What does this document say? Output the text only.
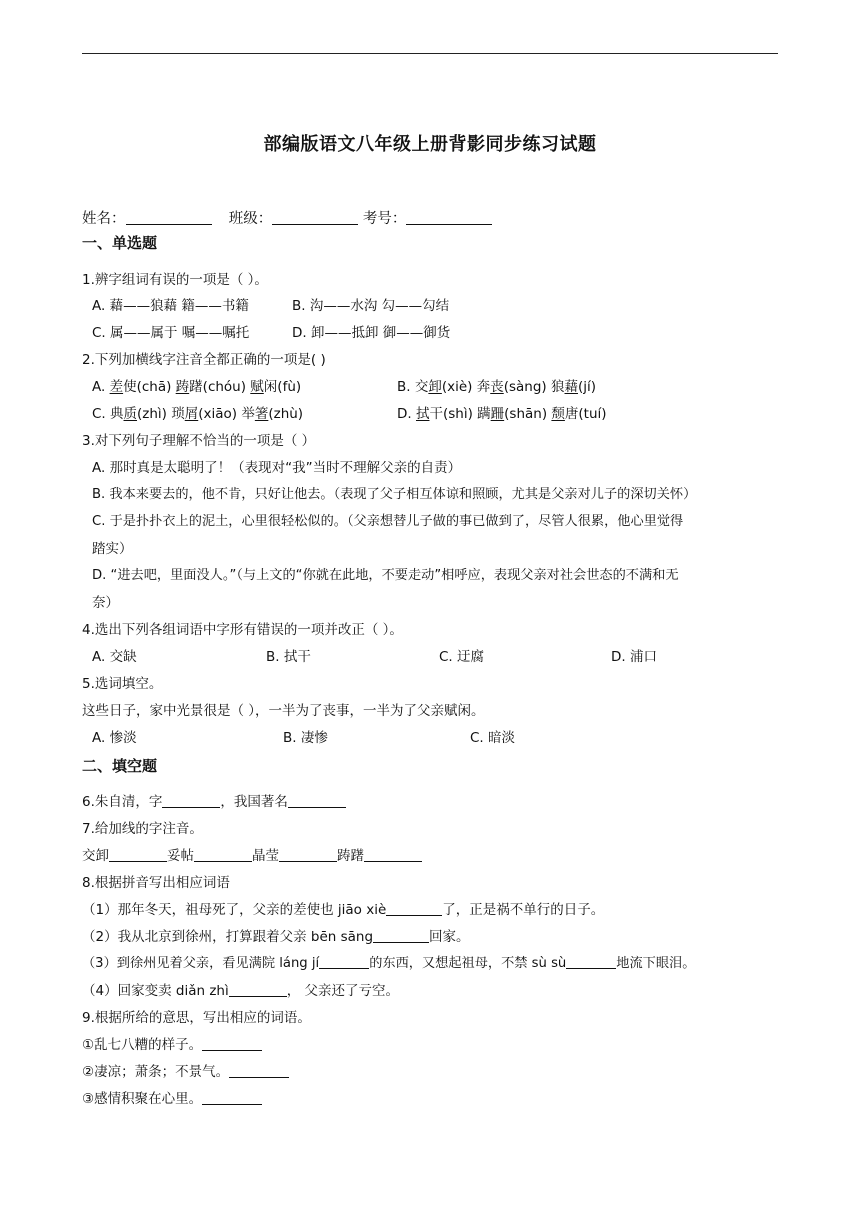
部编版语文八年级上册背影同步练习试题
姓名：	班级：	考号：
一、单选题
1.辨字组词有误的一项是（ ）。
A. 藉——狼藉 籍——书籍	B. 沟——水沟 勾——勾结
C. 属——属于 嘱——嘱托	D. 卸——抵卸 御——御货
2.下列加横线字注音全都正确的一项是( )
A. 差使(chā) 踌躇(chóu) 赋闲(fù)	B. 交卸(xiè) 奔丧(sàng) 狼藉(jí)
C. 典质(zhì) 琐屑(xiāo) 举箸(zhù)	D. 拭干(shì) 蹒跚(shān) 颓唐(tuí)
3.对下列句子理解不恰当的一项是（ ）
A. 那时真是太聪明了！（表现对“我”当时不理解父亲的自责）
B. 我本来要去的，他不肯，只好让他去。（表现了父子相互体谅和照顾，尤其是父亲对儿子的深切关怀）
C. 于是扑扑衣上的泥土，心里很轻松似的。（父亲想替儿子做的事已做到了，尽管人很累，他心里觉得
踏实）
D. “进去吧，里面没人。”（与上文的“你就在此地，不要走动”相呼应，表现父亲对社会世态的不满和无
奈）
4.选出下列各组词语中字形有错误的一项并改正（ ）。
A. 交缺	B. 拭干	C. 迂腐	D. 浦口
5.选词填空。
这些日子，家中光景很是（ ），一半为了丧事，一半为了父亲赋闲。
A. 惨淡	B. 凄惨	C. 暗淡
二、填空题
6.朱自清，字	，我国著名
7.给加线的字注音。
交卸	妥帖	晶莹	踌躇
8.根据拼音写出相应词语
（1）那年冬天，祖母死了，父亲的差使也 jiāo xiè	了，正是祸不单行的日子。
（2）我从北京到徐州，打算跟着父亲 bēn sāng	回家。
（3）到徐州见着父亲，看见满院 láng jí	的东西，又想起祖母，不禁 sù sù	地流下眼泪。
（4）回家变卖 diǎn zhì	， 父亲还了亏空。
9.根据所给的意思，写出相应的词语。
①乱七八糟的样子。
②凄凉；萧条；不景气。
③感情积聚在心里。
